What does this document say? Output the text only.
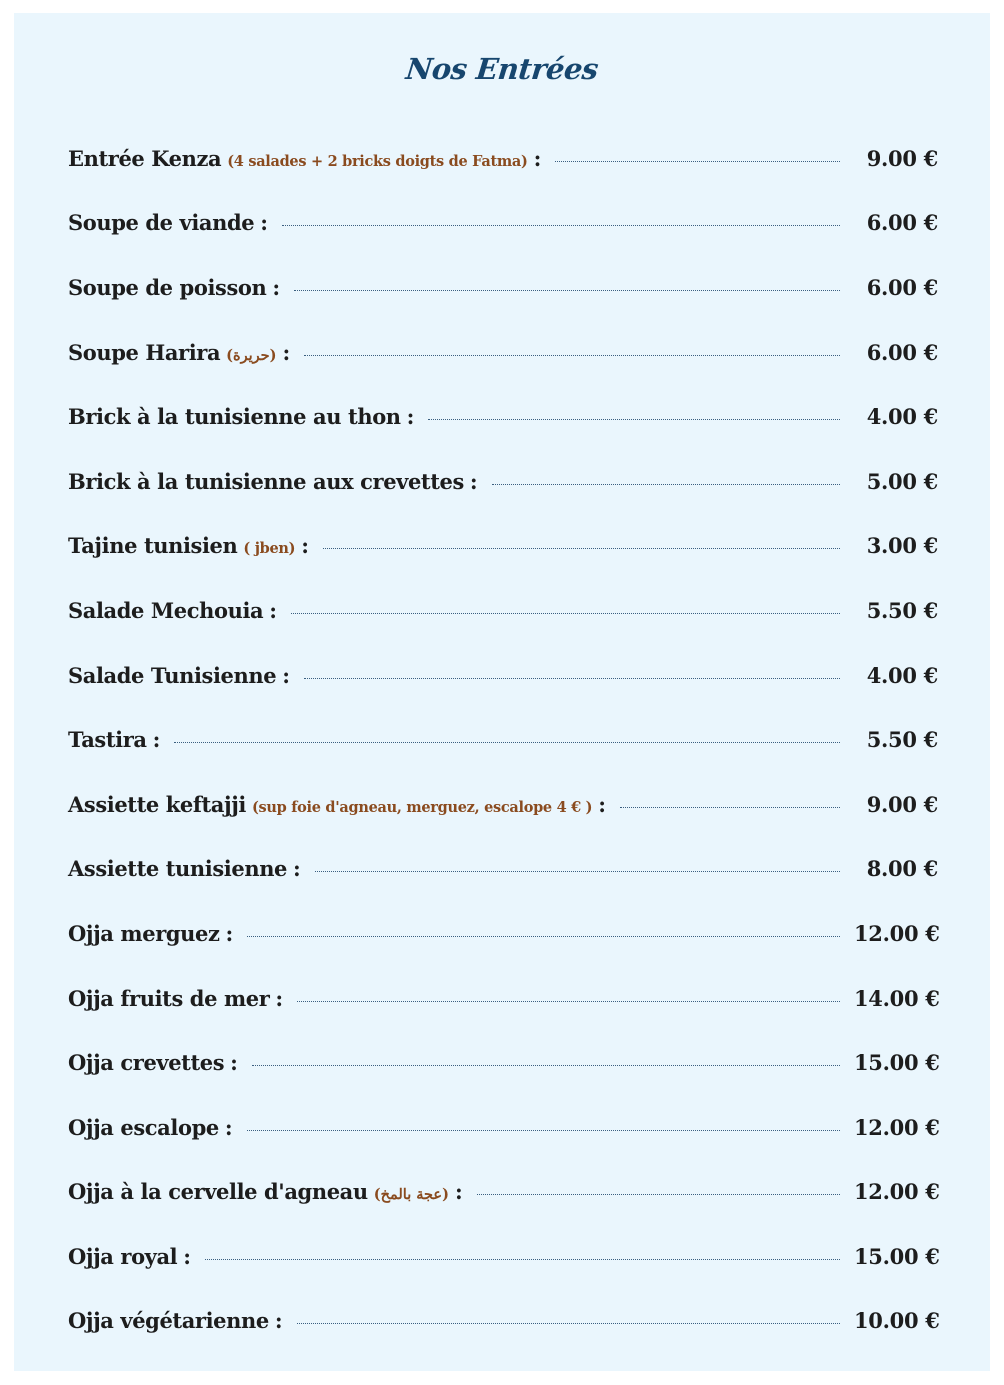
Nos Entrées
Entrée Kenza (4 salades + 2 bricks doigts de Fatma) :	9.00 €
Soupe de viande :	6.00 €
Soupe de poisson :	6.00 €
Soupe Harira (حريرة) :	6.00 €
Brick à la tunisienne au thon :	4.00 €
Brick à la tunisienne aux crevettes :	5.00 €
Tajine tunisien ( jben) :	3.00 €
Salade Mechouia :	5.50 €
Salade Tunisienne :	4.00 €
Tastira :	5.50 €
Assiette keftajji (sup foie d'agneau, merguez, escalope 4 € ) :	9.00 €
Assiette tunisienne :	8.00 €
Ojja merguez :	12.00 €
Ojja fruits de mer :	14.00 €
Ojja crevettes :	15.00 €
Ojja escalope :	12.00 €
Ojja à la cervelle d'agneau (عجة بالمخ) :	12.00 €
Ojja royal :	15.00 €
Ojja végétarienne :	10.00 €
